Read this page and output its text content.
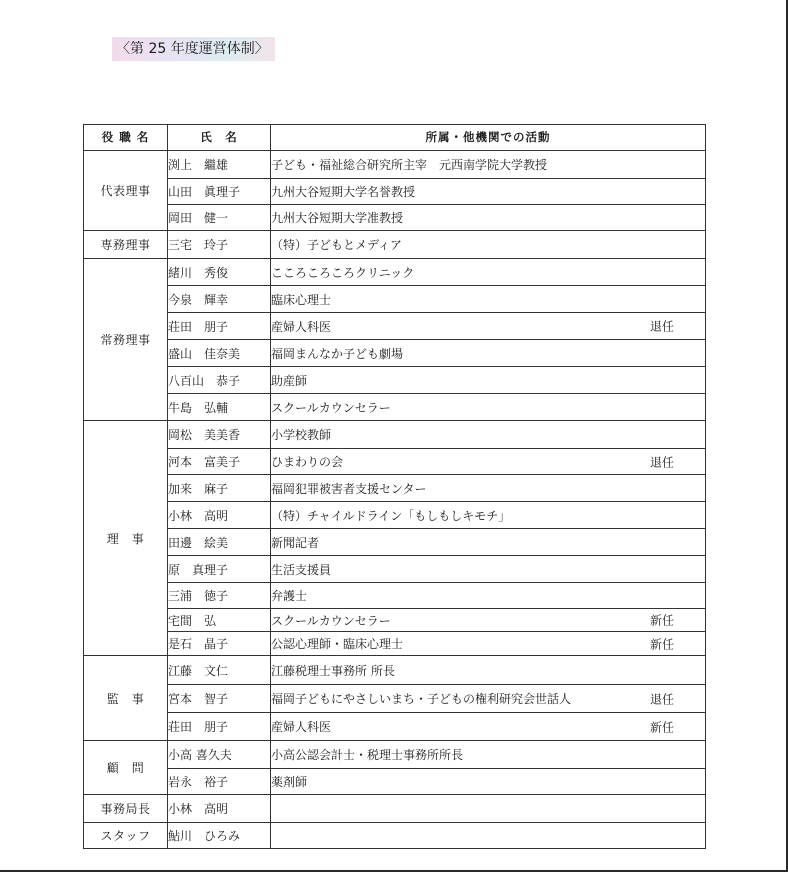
〈第 25 年度運営体制〉
役 職 名	氏　名	所属・他機関での活動
代表理事	渕上　繼雄	子ども・福祉総合研究所主宰　元西南学院大学教授

	山田　眞理子	九州大谷短期大学名誉教授

	岡田　健一	九州大谷短期大学准教授

専務理事	三宅　玲子	（特）子どもとメディア

常務理事	緒川　秀俊	こころころころクリニック

	今泉　輝幸	臨床心理士

	荘田　朋子	産婦人科医 退任

	盛山　佳奈美	福岡まんなか子ども劇場

	八百山　恭子	助産師

	牛島　弘輔	スクールカウンセラー

理　事	岡松　美美香	小学校教師

	河本　富美子	ひまわりの会 退任

	加来　麻子	福岡犯罪被害者支援センター

	小林　高明	（特）チャイルドライン「もしもしキモチ」

	田邊　絵美	新聞記者

	原　真理子	生活支援員

	三浦　徳子	弁護士

	宅間　弘	スクールカウンセラー 新任

	是石　晶子	公認心理師・臨床心理士 新任

監　事	江藤　文仁	江藤税理士事務所 所長

	宮本　智子	福岡子どもにやさしいまち・子どもの権利研究会世話人 退任

	荘田　朋子	産婦人科医 新任

顧　問	小高 喜久夫	小高公認会計士・税理士事務所所長

	岩永　裕子	薬剤師

事務局長	小林　高明	

スタッフ	鮎川　ひろみ	
